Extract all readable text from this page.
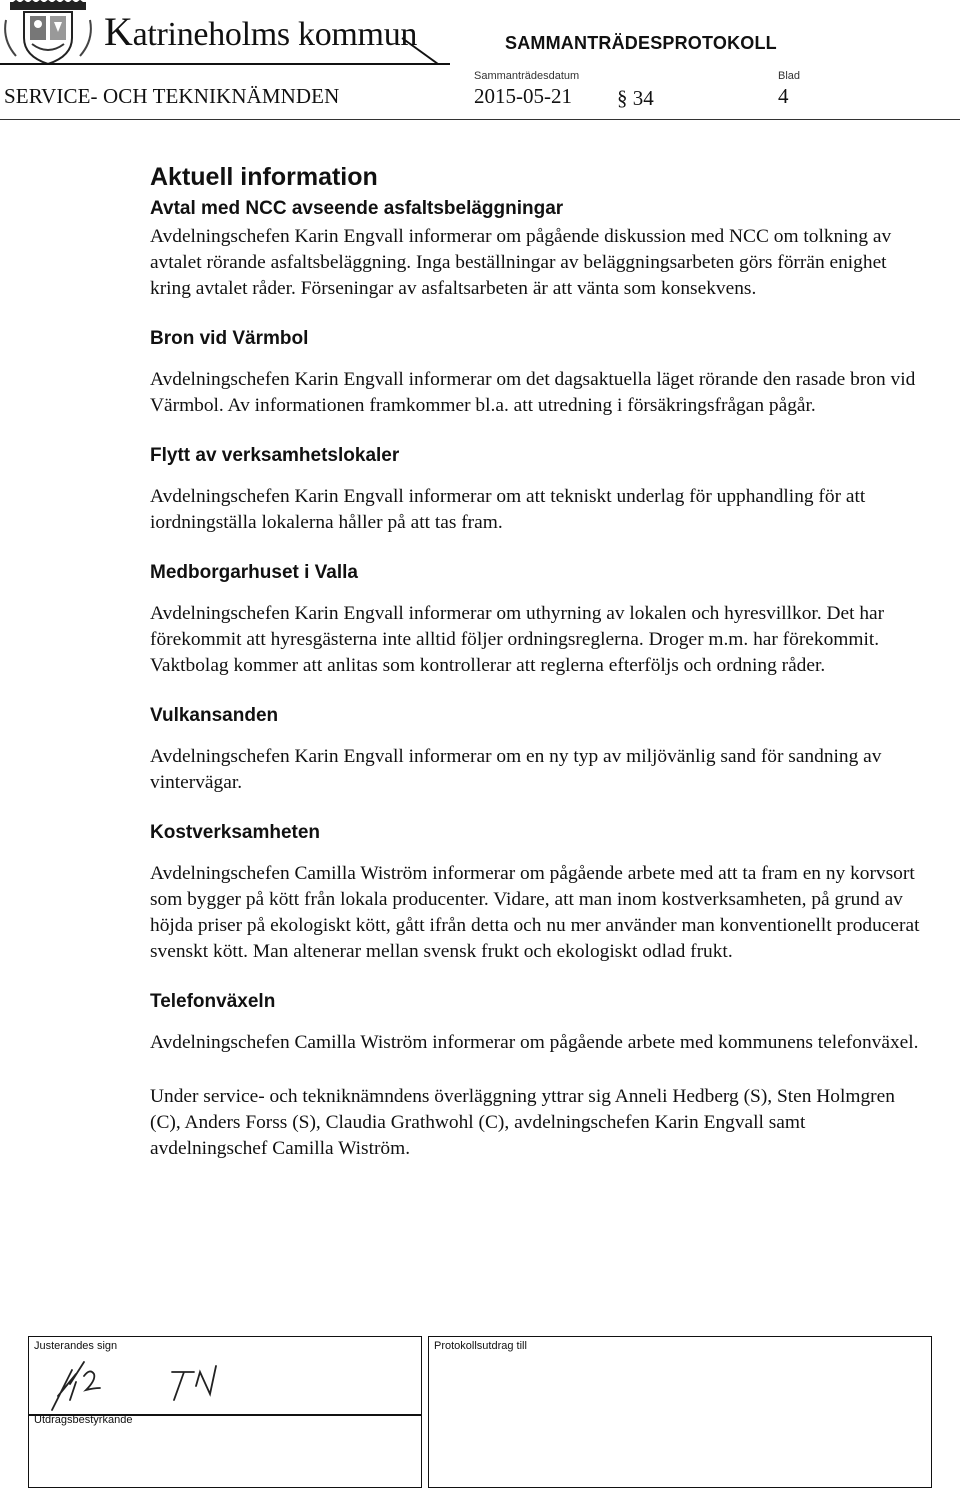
Katrineholms kommun	SAMMANTRÄDESPROTOKOLL
SERVICE- OCH TEKNIKNÄMNDEN
Sammanträdesdatum
2015-05-21 § 34
Blad
4
Aktuell information
Avtal med NCC avseende asfaltsbeläggningar

Avdelningschefen Karin Engvall informerar om pågående diskussion med NCC om tolkning av avtalet rörande asfaltsbeläggning. Inga beställningar av beläggningsarbeten görs förrän enighet kring avtalet råder. Förseningar av asfaltsarbeten är att vänta som konsekvens.

Bron vid Värmbol

Avdelningschefen Karin Engvall informerar om det dagsaktuella läget rörande den rasade bron vid Värmbol. Av informationen framkommer bl.a. att utredning i försäkringsfrågan pågår.

Flytt av verksamhetslokaler

Avdelningschefen Karin Engvall informerar om att tekniskt underlag för upphandling för att iordningställa lokalerna håller på att tas fram.

Medborgarhuset i Valla

Avdelningschefen Karin Engvall informerar om uthyrning av lokalen och hyresvillkor. Det har förekommit att hyresgästerna inte alltid följer ordningsreglerna. Droger m.m. har förekommit. Vaktbolag kommer att anlitas som kontrollerar att reglerna efterföljs och ordning råder.

Vulkansanden

Avdelningschefen Karin Engvall informerar om en ny typ av miljövänlig sand för sandning av vintervägar.

Kostverksamheten

Avdelningschefen Camilla Wiström informerar om pågående arbete med att ta fram en ny korvsort som bygger på kött från lokala producenter. Vidare, att man inom kostverksamheten, på grund av höjda priser på ekologiskt kött, gått ifrån detta och nu mer använder man konventionellt producerat svenskt kött. Man altenerar mellan svensk frukt och ekologiskt odlad frukt.

Telefonväxeln

Avdelningschefen Camilla Wiström informerar om pågående arbete med kommunens telefonväxel.

Under service- och tekniknämndens överläggning yttrar sig Anneli Hedberg (S), Sten Holmgren (C), Anders Forss (S), Claudia Grathwohl (C), avdelningschefen Karin Engvall samt avdelningschef Camilla Wiström.

Justerandes sign
Utdragsbestyrkande
Protokollsutdrag till
